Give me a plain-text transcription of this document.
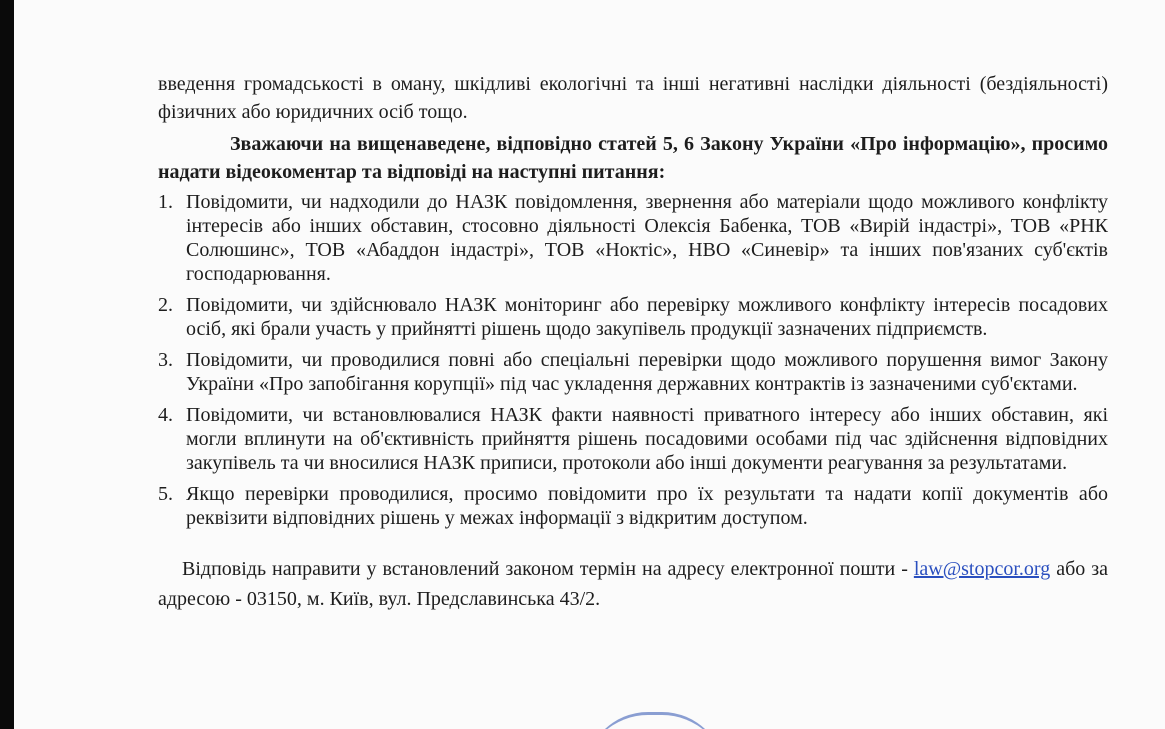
введення громадськості в оману, шкідливі екологічні та інші негативні наслідки діяльності (бездіяльності) фізичних або юридичних осіб тощо.

Зважаючи на вищенаведене, відповідно статей 5, 6 Закону України «Про інформацію», просимо надати відеокоментар та відповіді на наступні питання:

1. Повідомити, чи надходили до НАЗК повідомлення, звернення або матеріали щодо можливого конфлікту інтересів або інших обставин, стосовно діяльності Олексія Бабенка, ТОВ «Вирій індастрі», ТОВ «РНК Солюшинс», ТОВ «Абаддон індастрі», ТОВ «Ноктіс», НВО «Синевір» та інших пов'язаних суб'єктів господарювання.
2. Повідомити, чи здійснювало НАЗК моніторинг або перевірку можливого конфлікту інтересів посадових осіб, які брали участь у прийнятті рішень щодо закупівель продукції зазначених підприємств.
3. Повідомити, чи проводилися повні або спеціальні перевірки щодо можливого порушення вимог Закону України «Про запобігання корупції» під час укладення державних контрактів із зазначеними суб'єктами.
4. Повідомити, чи встановлювалися НАЗК факти наявності приватного інтересу або інших обставин, які могли вплинути на об'єктивність прийняття рішень посадовими особами під час здійснення відповідних закупівель та чи вносилися НАЗК приписи, протоколи або інші документи реагування за результатами.
5. Якщо перевірки проводилися, просимо повідомити про їх результати та надати копії документів або реквізити відповідних рішень у межах інформації з відкритим доступом.

Відповідь направити у встановлений законом термін на адресу електронної пошти - law@stopcor.org або за адресою - 03150, м. Київ, вул. Предславинська 43/2.
